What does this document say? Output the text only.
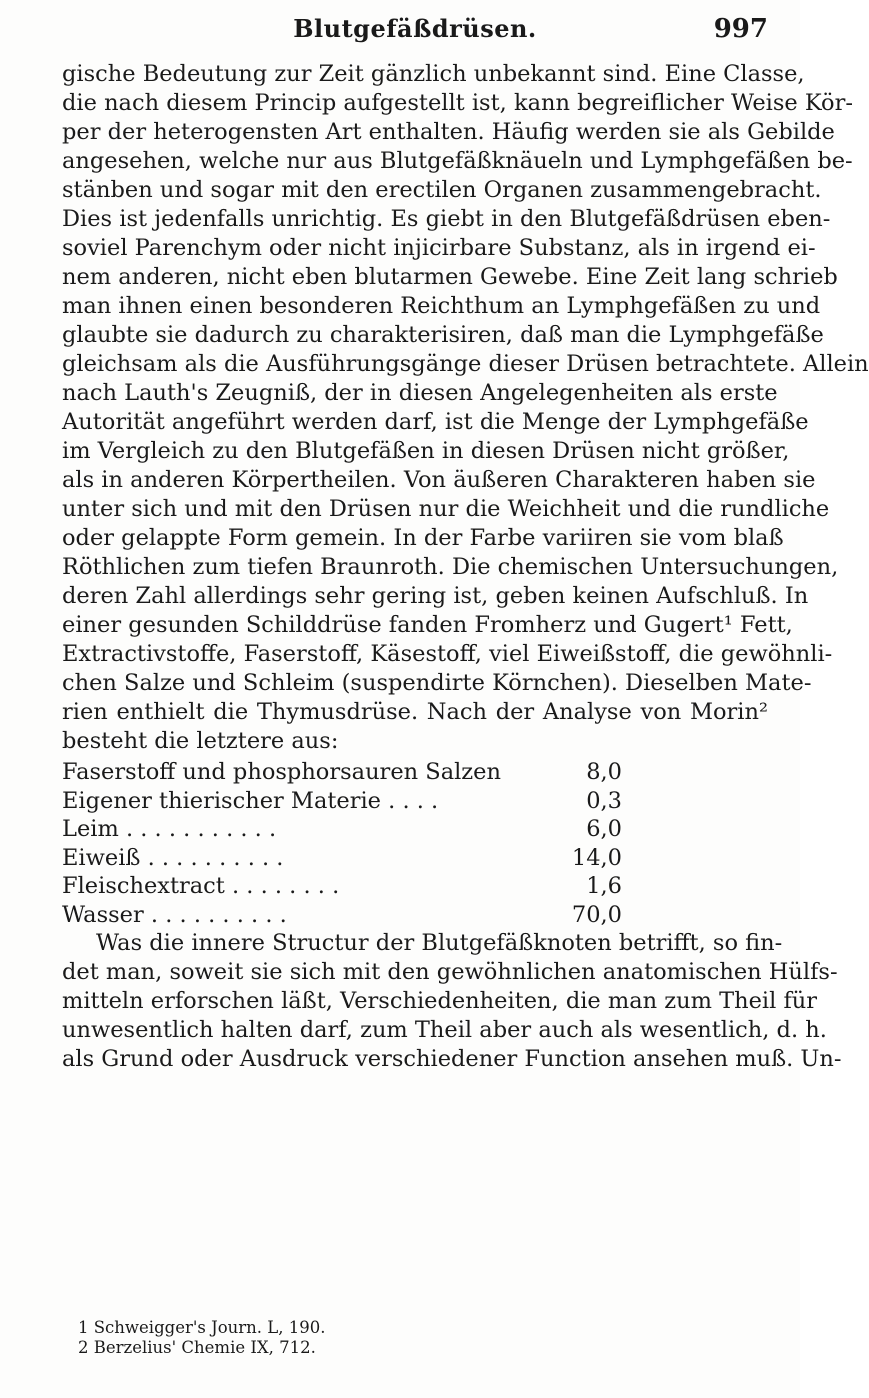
Blutgefäßdrüsen.	997
gische Bedeutung zur Zeit gänzlich unbekannt sind. Eine Classe,
die nach diesem Princip aufgestellt ist, kann begreiflicher Weise Kör-
per der heterogensten Art enthalten. Häufig werden sie als Gebilde
angesehen, welche nur aus Blutgefäßknäueln und Lymphgefäßen be-
stänben und sogar mit den erectilen Organen zusammengebracht.
Dies ist jedenfalls unrichtig. Es giebt in den Blutgefäßdrüsen eben-
soviel Parenchym oder nicht injicirbare Substanz, als in irgend ei-
nem anderen, nicht eben blutarmen Gewebe. Eine Zeit lang schrieb
man ihnen einen besonderen Reichthum an Lymphgefäßen zu und
glaubte sie dadurch zu charakterisiren, daß man die Lymphgefäße
gleichsam als die Ausführungsgänge dieser Drüsen betrachtete. Allein
nach Lauth's Zeugniß, der in diesen Angelegenheiten als erste
Autorität angeführt werden darf, ist die Menge der Lymphgefäße
im Vergleich zu den Blutgefäßen in diesen Drüsen nicht größer,
als in anderen Körpertheilen. Von äußeren Charakteren haben sie
unter sich und mit den Drüsen nur die Weichheit und die rundliche
oder gelappte Form gemein. In der Farbe variiren sie vom blaß
Röthlichen zum tiefen Braunroth. Die chemischen Untersuchungen,
deren Zahl allerdings sehr gering ist, geben keinen Aufschluß. In
einer gesunden Schilddrüse fanden Fromherz und Gugert¹ Fett,
Extractivstoffe, Faserstoff, Käsestoff, viel Eiweißstoff, die gewöhnli-
chen Salze und Schleim (suspendirte Körnchen). Dieselben Mate-
rien enthielt die Thymusdrüse. Nach der Analyse von Morin²
besteht die letztere aus:
Faserstoff und phosphorsauren Salzen	8,0
Eigener thierischer Materie . . . .	0,3
Leim . . . . . . . . . . .	6,0
Eiweiß . . . . . . . . . .	14,0
Fleischextract . . . . . . . .	1,6
Wasser . . . . . . . . . .	70,0
Was die innere Structur der Blutgefäßknoten betrifft, so fin-
det man, soweit sie sich mit den gewöhnlichen anatomischen Hülfs-
mitteln erforschen läßt, Verschiedenheiten, die man zum Theil für
unwesentlich halten darf, zum Theil aber auch als wesentlich, d. h.
als Grund oder Ausdruck verschiedener Function ansehen muß. Un-
1 Schweigger's Journ. L, 190.
2 Berzelius' Chemie IX, 712.
